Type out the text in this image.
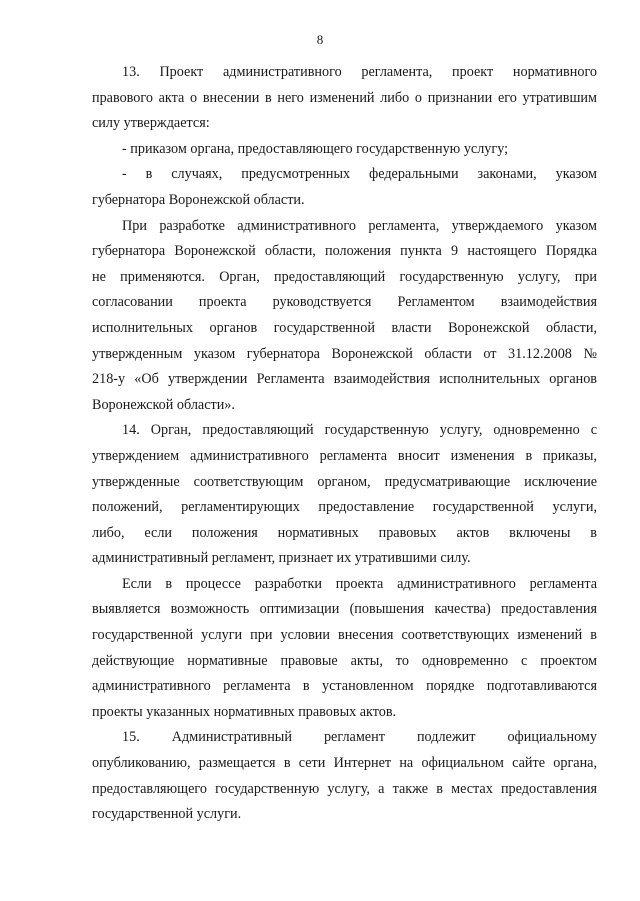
8
13. Проект административного регламента, проект нормативного
правового акта о внесении в него изменений либо о признании его утратившим
силу утверждается:
- приказом органа, предоставляющего государственную услугу;
- в случаях, предусмотренных федеральными законами, указом
губернатора Воронежской области.
При разработке административного регламента, утверждаемого указом
губернатора Воронежской области, положения пункта 9 настоящего Порядка
не применяются. Орган, предоставляющий государственную услугу, при
согласовании проекта руководствуется Регламентом взаимодействия
исполнительных органов государственной власти Воронежской области,
утвержденным указом губернатора Воронежской области от 31.12.2008 №
218-у «Об утверждении Регламента взаимодействия исполнительных органов
Воронежской области».
14. Орган, предоставляющий государственную услугу, одновременно с
утверждением административного регламента вносит изменения в приказы,
утвержденные соответствующим органом, предусматривающие исключение
положений, регламентирующих предоставление государственной услуги,
либо, если положения нормативных правовых актов включены в
административный регламент, признает их утратившими силу.
Если в процессе разработки проекта административного регламента
выявляется возможность оптимизации (повышения качества) предоставления
государственной услуги при условии внесения соответствующих изменений в
действующие нормативные правовые акты, то одновременно с проектом
административного регламента в установленном порядке подготавливаются
проекты указанных нормативных правовых актов.
15. Административный регламент подлежит официальному
опубликованию, размещается в сети Интернет на официальном сайте органа,
предоставляющего государственную услугу, а также в местах предоставления
государственной услуги.
